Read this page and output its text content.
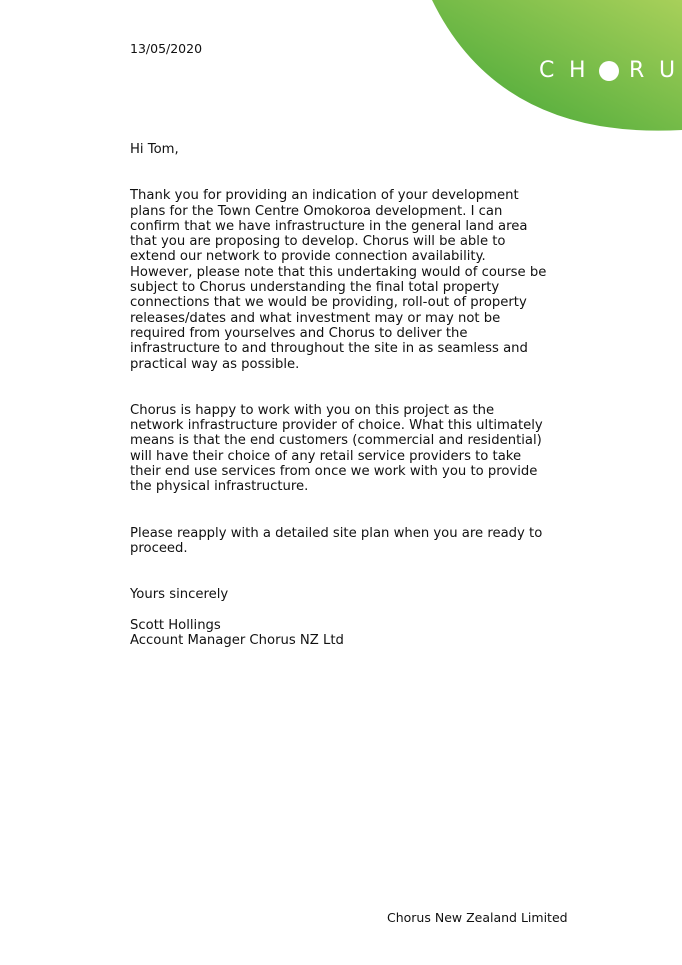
C H	R U
13/05/2020

Hi Tom,

Thank you for providing an indication of your development plans for the Town Centre Omokoroa development. I can confirm that we have infrastructure in the general land area that you are proposing to develop. Chorus will be able to extend our network to provide connection availability. However, please note that this undertaking would of course be subject to Chorus understanding the final total property connections that we would be providing, roll-out of property releases/dates and what investment may or may not be required from yourselves and Chorus to deliver the infrastructure to and throughout the site in as seamless and practical way as possible.

Chorus is happy to work with you on this project as the network infrastructure provider of choice. What this ultimately means is that the end customers (commercial and residential) will have their choice of any retail service providers to take their end use services from once we work with you to provide the physical infrastructure.

Please reapply with a detailed site plan when you are ready to proceed.

Yours sincerely

Scott Hollings

Account Manager Chorus NZ Ltd

Chorus New Zealand Limited
